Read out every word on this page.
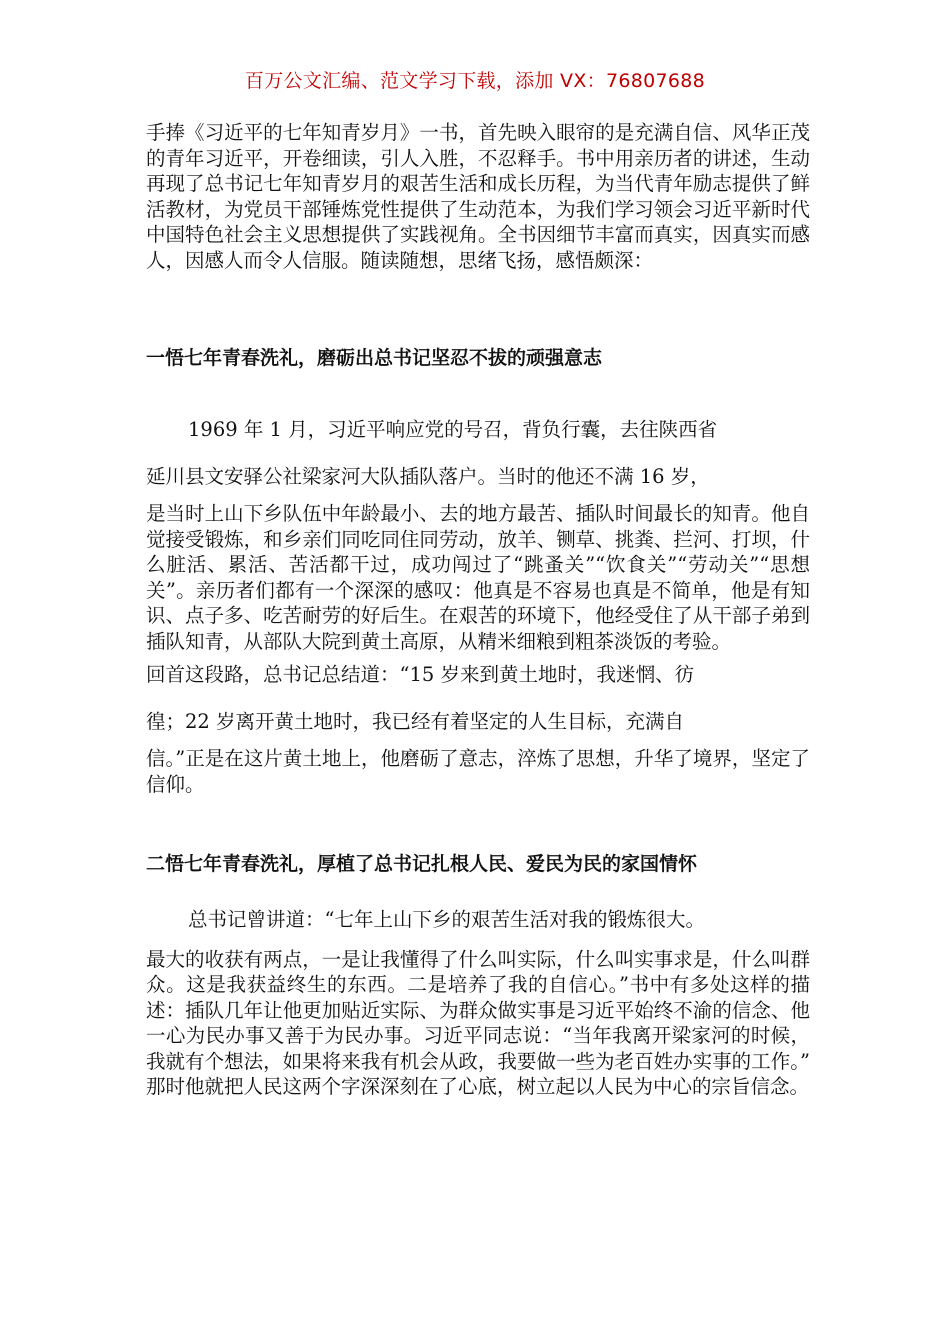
百万公文汇编、范文学习下载，添加 VX：76807688

手捧《习近平的七年知青岁月》一书，首先映入眼帘的是充满自信、风华正茂的青年习近平，开卷细读，引人入胜，不忍释手。书中用亲历者的讲述，生动再现了总书记七年知青岁月的艰苦生活和成长历程，为当代青年励志提供了鲜活教材，为党员干部锤炼党性提供了生动范本，为我们学习领会习近平新时代中国特色社会主义思想提供了实践视角。全书因细节丰富而真实，因真实而感人，因感人而令人信服。随读随想，思绪飞扬，感悟颇深：

一悟七年青春洗礼，磨砺出总书记坚忍不拔的顽强意志
1969 年 1 月，习近平响应党的号召，背负行囊，去往陕西省
延川县文安驿公社梁家河大队插队落户。当时的他还不满 16 岁，

是当时上山下乡队伍中年龄最小、去的地方最苦、插队时间最长的知青。他自觉接受锻炼，和乡亲们同吃同住同劳动，放羊、铡草、挑粪、拦河、打坝，什么脏活、累活、苦活都干过，成功闯过了“跳蚤关”“饮食关”“劳动关”“思想关”。亲历者们都有一个深深的感叹：他真是不容易也真是不简单，他是有知识、点子多、吃苦耐劳的好后生。在艰苦的环境下，他经受住了从干部子弟到插队知青，从部队大院到黄土高原，从精米细粮到粗茶淡饭的考验。

回首这段路，总书记总结道：“15 岁来到黄土地时，我迷惘、彷
徨；22 岁离开黄土地时，我已经有着坚定的人生目标，充满自

信。”正是在这片黄土地上，他磨砺了意志，淬炼了思想，升华了境界，坚定了信仰。

二悟七年青春洗礼，厚植了总书记扎根人民、爱民为民的家国情怀
总书记曾讲道：“七年上山下乡的艰苦生活对我的锻炼很大。

最大的收获有两点，一是让我懂得了什么叫实际，什么叫实事求是，什么叫群众。这是我获益终生的东西。二是培养了我的自信心。”书中有多处这样的描述：插队几年让他更加贴近实际、为群众做实事是习近平始终不渝的信念、他一心为民办事又善于为民办事。习近平同志说：“当年我离开梁家河的时候，我就有个想法，如果将来我有机会从政，我要做一些为老百姓办实事的工作。” 那时他就把人民这两个字深深刻在了心底，树立起以人民为中心的宗旨信念。
